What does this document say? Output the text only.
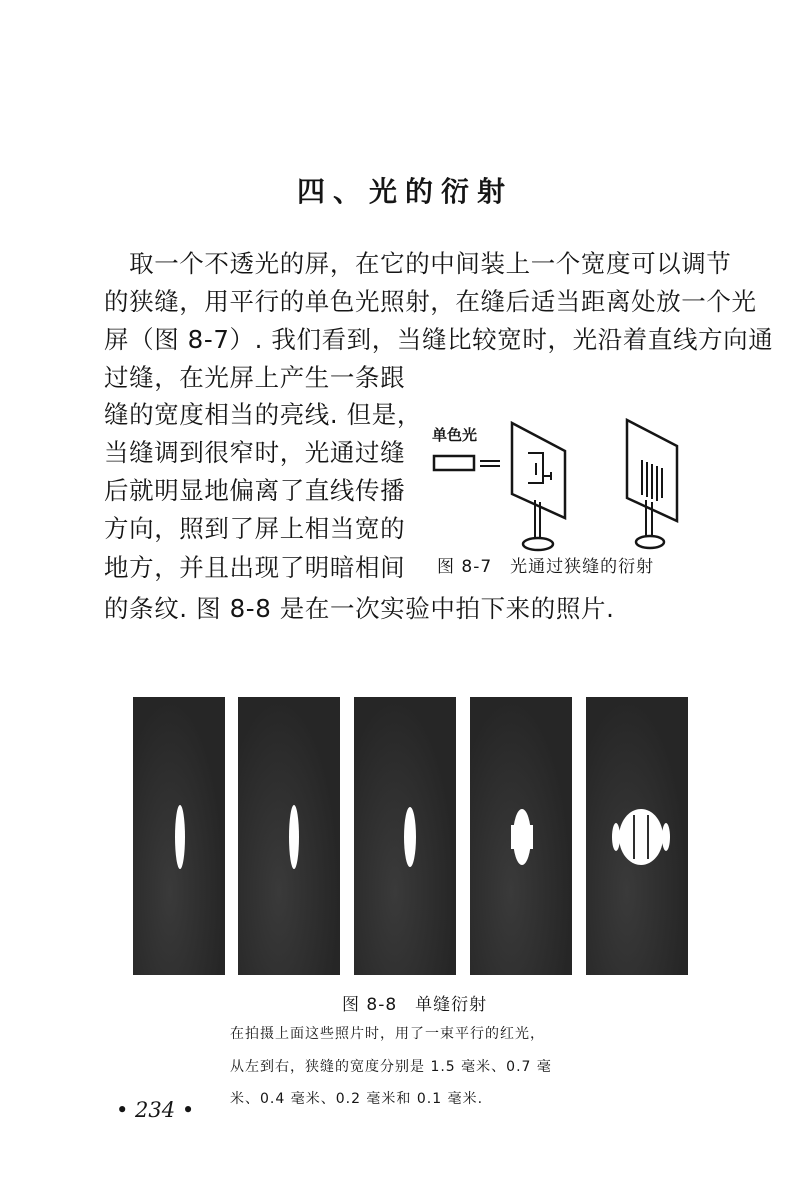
四、光的衍射
　取一个不透光的屏，在它的中间装上一个宽度可以调节
的狭缝，用平行的单色光照射，在缝后适当距离处放一个光
屏（图 8-7）. 我们看到，当缝比较宽时，光沿着直线方向通
过缝，在光屏上产生一条跟
缝的宽度相当的亮线. 但是，
当缝调到很窄时，光通过缝
后就明显地偏离了直线传播
方向，照到了屏上相当宽的
地方，并且出现了明暗相间
的条纹. 图 8-8 是在一次实验中拍下来的照片.
单色光
图 8-7　光通过狭缝的衍射
图 8-8　单缝衍射
在拍摄上面这些照片时，用了一束平行的红光，
从左到右，狭缝的宽度分别是 1.5 毫米、0.7 毫
米、0.4 毫米、0.2 毫米和 0.1 毫米.
• 234 •
